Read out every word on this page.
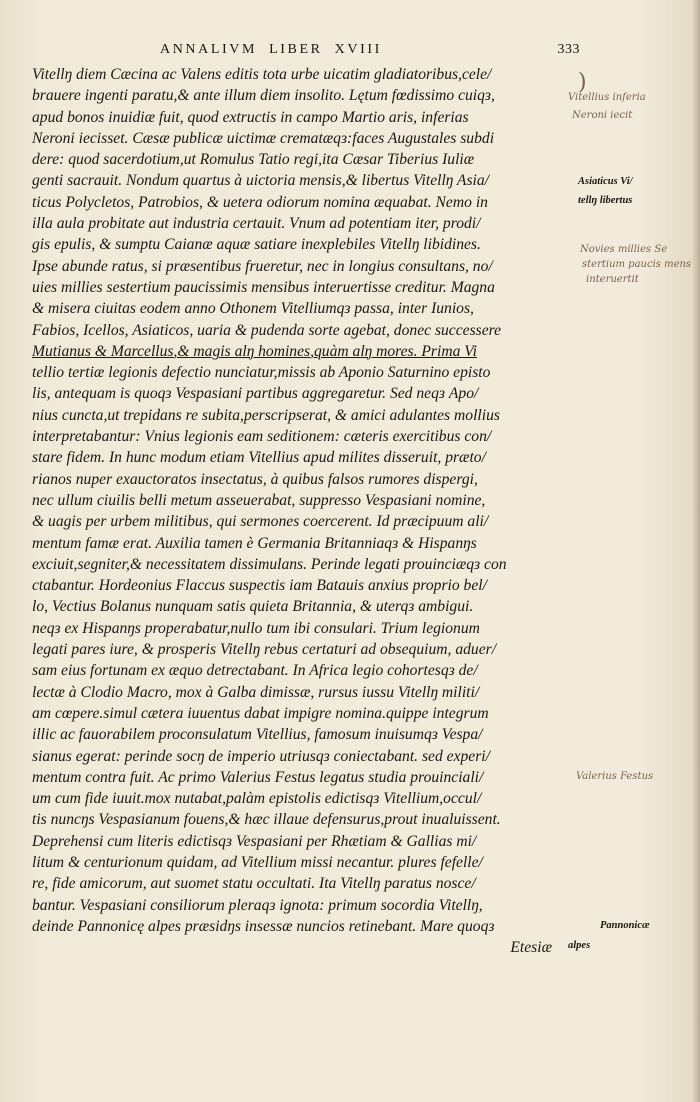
ANNALIVM LIBER XVIII	333
Vitellŋ diem Cæcina ac Valens editis tota urbe uicatim gladiatoribus,cele/
brauere ingenti paratu,& ante illum diem insolito. Lętum fœdissimo cuiqз,
apud bonos inuidiæ fuit, quod extructis in campo Martio aris, inferias
Neroni iecisset. Cæsæ publicæ uictimæ crematæqз:faces Augustales subdi
dere: quod sacerdotium,ut Romulus Tatio regi,ita Cæsar Tiberius Iuliæ
genti sacrauit. Nondum quartus à uictoria mensis,& libertus Vitellŋ Asia/
ticus Polycletos, Patrobios, & uetera odiorum nomina æquabat. Nemo in
illa aula probitate aut industria certauit. Vnum ad potentiam iter, prodi/
gis epulis, & sumptu Caianæ aquæ satiare inexplebiles Vitellŋ libidines.
Ipse abunde ratus, si præsentibus frueretur, nec in longius consultans, no/
uies millies sestertium paucissimis mensibus interuertisse creditur. Magna
& misera ciuitas eodem anno Othonem Vitelliumqз passa, inter Iunios,
Fabios, Icellos, Asiaticos, uaria & pudenda sorte agebat, donec successere
Mutianus & Marcellus,& magis alŋ homines,quàm alŋ mores. Prima Vi
tellio tertiæ legionis defectio nunciatur,missis ab Aponio Saturnino episto
lis, antequam is quoqз Vespasiani partibus aggregaretur. Sed neqз Apo/
nius cuncta,ut trepidans re subita,perscripserat, & amici adulantes mollius
interpretabantur: Vnius legionis eam seditionem: cæteris exercitibus con/
stare fidem. In hunc modum etiam Vitellius apud milites disseruit, præto/
rianos nuper exauctoratos insectatus, à quibus falsos rumores dispergi,
nec ullum ciuilis belli metum asseuerabat, suppresso Vespasiani nomine,
& uagis per urbem militibus, qui sermones coercerent. Id præcipuum ali/
mentum famæ erat. Auxilia tamen è Germania Britanniaqз & Hispanŋs
exciuit,segniter,& necessitatem dissimulans. Perinde legati prouinciæqз con
ctabantur. Hordeonius Flaccus suspectis iam Batauis anxius proprio bel/
lo, Vectius Bolanus nunquam satis quieta Britannia, & uterqз ambigui.
neqз ex Hispanŋs properabatur,nullo tum ibi consulari. Trium legionum
legati pares iure, & prosperis Vitellŋ rebus certaturi ad obsequium, aduer/
sam eius fortunam ex æquo detrectabant. In Africa legio cohortesqз de/
lectæ à Clodio Macro, mox à Galba dimissæ, rursus iussu Vitellŋ militi/
am cœpere.simul cætera iuuentus dabat impigre nomina.quippe integrum
illic ac fauorabilem proconsulatum Vitellius, famosum inuisumqз Vespa/
sianus egerat: perinde socŋ de imperio utriusqз coniectabant. sed experi/
mentum contra fuit. Ac primo Valerius Festus legatus studia prouinciali/
um cum fide iuuit.mox nutabat,palàm epistolis edictisqз Vitellium,occul/
tis nuncŋs Vespasianum fouens,& hæc illaue defensurus,prout inualuissent.
Deprehensi cum literis edictisqз Vespasiani per Rhætiam & Gallias mi/
litum & centurionum quidam, ad Vitellium missi necantur. plures fefelle/
re, fide amicorum, aut suomet statu occultati. Ita Vitellŋ paratus nosce/
bantur. Vespasiani consiliorum pleraqз ignota: primum socordia Vitellŋ,
deinde Pannonicę alpes præsidŋs insessæ nuncios retinebant. Mare quoqз
Etesiæ
)
Vitellius inferia
Neroni iecit
Novies millies Se
stertium paucis mens
interuertit
Valerius Festus
Asiaticus Vi/
tellŋ libertus
Pannonicæ
alpes
